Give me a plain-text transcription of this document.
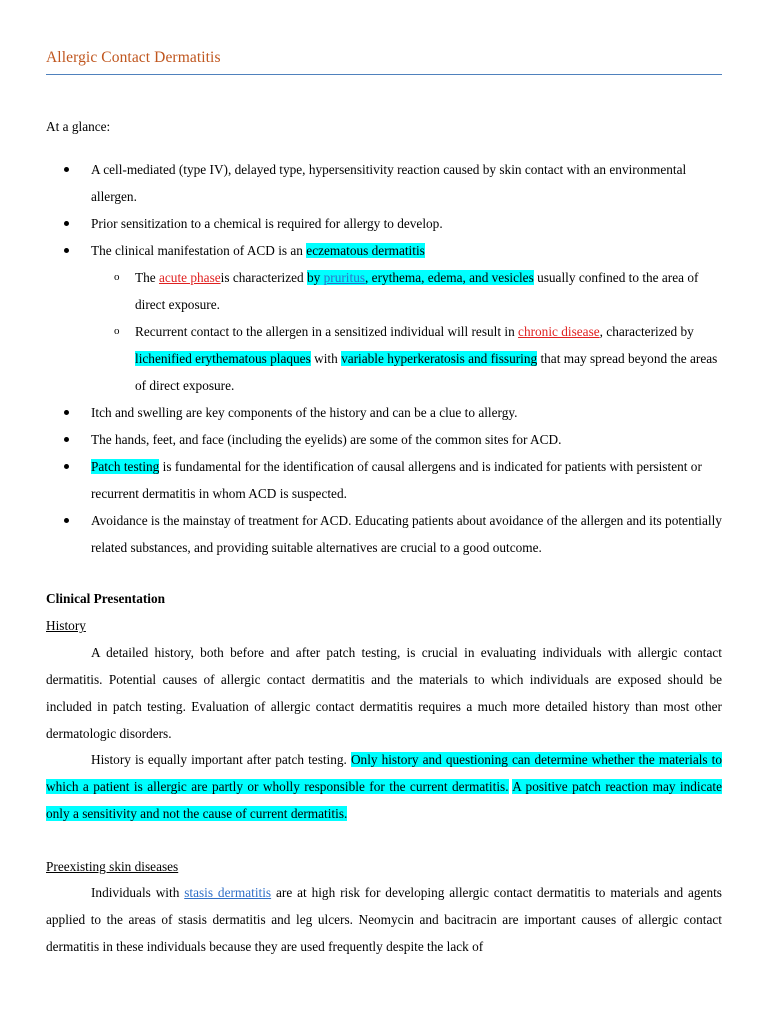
Allergic Contact Dermatitis
At a glance:

A cell-mediated (type IV), delayed type, hypersensitivity reaction caused by skin contact with an environmental allergen.

Prior sensitization to a chemical is required for allergy to develop.

The clinical manifestation of ACD is an eczematous dermatitis

o The acute phaseis characterized by pruritus, erythema, edema, and vesicles usually confined to the area of direct exposure.

o Recurrent contact to the allergen in a sensitized individual will result in chronic disease, characterized by lichenified erythematous plaques with variable hyperkeratosis and fissuring that may spread beyond the areas of direct exposure.

Itch and swelling are key components of the history and can be a clue to allergy.

The hands, feet, and face (including the eyelids) are some of the common sites for ACD.

Patch testing is fundamental for the identification of causal allergens and is indicated for patients with persistent or recurrent dermatitis in whom ACD is suspected.

Avoidance is the mainstay of treatment for ACD. Educating patients about avoidance of the allergen and its potentially related substances, and providing suitable alternatives are crucial to a good outcome.

Clinical Presentation
History
A detailed history, both before and after patch testing, is crucial in evaluating individuals with allergic contact dermatitis. Potential causes of allergic contact dermatitis and the materials to which individuals are exposed should be included in patch testing. Evaluation of allergic contact dermatitis requires a much more detailed history than most other dermatologic disorders.
History is equally important after patch testing. Only history and questioning can determine whether the materials to which a patient is allergic are partly or wholly responsible for the current dermatitis. A positive patch reaction may indicate only a sensitivity and not the cause of current dermatitis.
Preexisting skin diseases
Individuals with stasis dermatitis are at high risk for developing allergic contact dermatitis to materials and agents applied to the areas of stasis dermatitis and leg ulcers. Neomycin and bacitracin are important causes of allergic contact dermatitis in these individuals because they are used frequently despite the lack of
